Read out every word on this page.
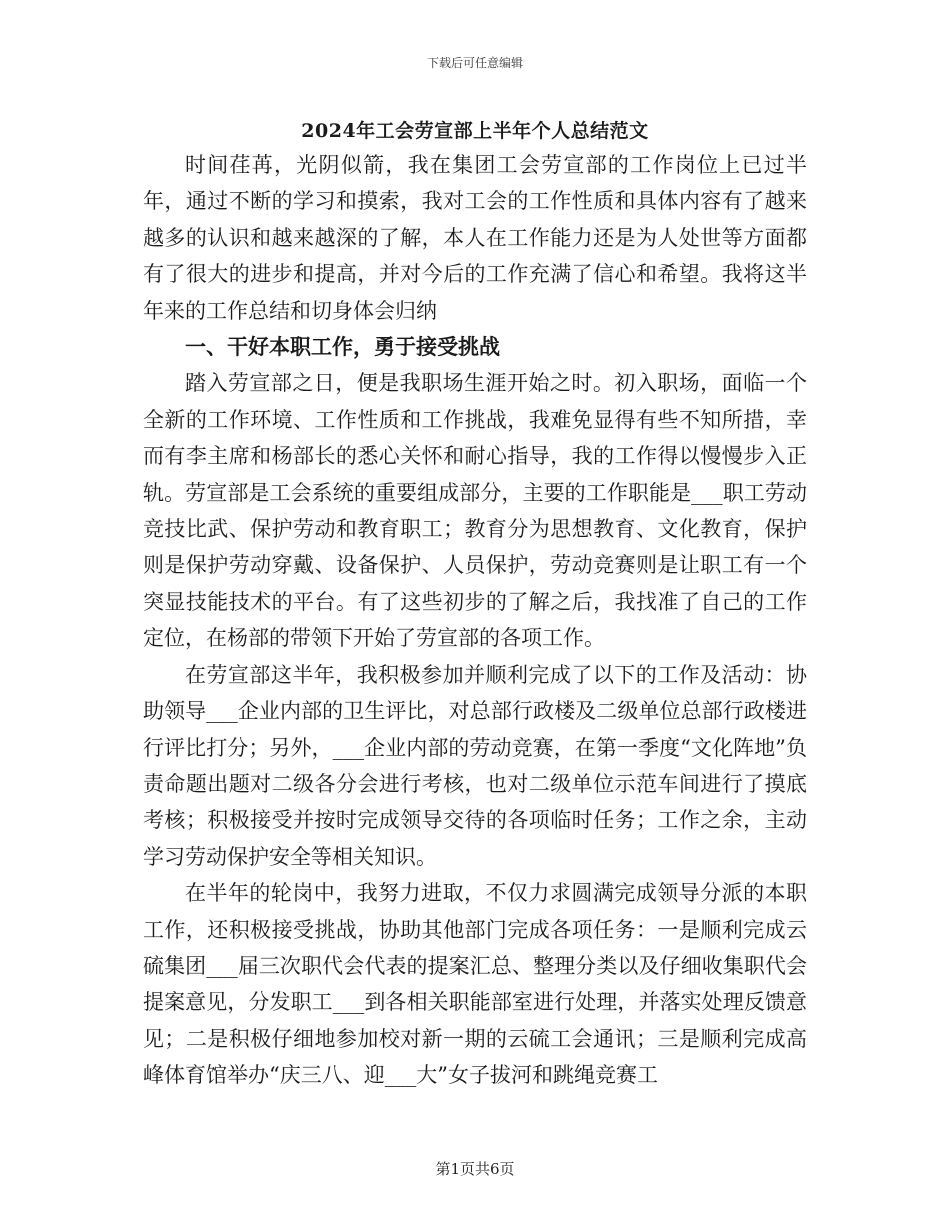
下载后可任意编辑
2024年工会劳宣部上半年个人总结范文

时间荏苒，光阴似箭，我在集团工会劳宣部的工作岗位上已过半年，通过不断的学习和摸索，我对工会的工作性质和具体内容有了越来越多的认识和越来越深的了解，本人在工作能力还是为人处世等方面都有了很大的进步和提高，并对今后的工作充满了信心和希望。我将这半年来的工作总结和切身体会归纳

一、干好本职工作，勇于接受挑战

踏入劳宣部之日，便是我职场生涯开始之时。初入职场，面临一个全新的工作环境、工作性质和工作挑战，我难免显得有些不知所措，幸而有李主席和杨部长的悉心关怀和耐心指导，我的工作得以慢慢步入正轨。劳宣部是工会系统的重要组成部分，主要的工作职能是___职工劳动竞技比武、保护劳动和教育职工；教育分为思想教育、文化教育，保护则是保护劳动穿戴、设备保护、人员保护，劳动竞赛则是让职工有一个突显技能技术的平台。有了这些初步的了解之后，我找准了自己的工作定位，在杨部的带领下开始了劳宣部的各项工作。

在劳宣部这半年，我积极参加并顺利完成了以下的工作及活动：协助领导___企业内部的卫生评比，对总部行政楼及二级单位总部行政楼进行评比打分；另外，___企业内部的劳动竞赛，在第一季度“文化阵地”负责命题出题对二级各分会进行考核，也对二级单位示范车间进行了摸底考核；积极接受并按时完成领导交待的各项临时任务；工作之余，主动学习劳动保护安全等相关知识。

在半年的轮岗中，我努力进取，不仅力求圆满完成领导分派的本职工作，还积极接受挑战，协助其他部门完成各项任务：一是顺利完成云硫集团___届三次职代会代表的提案汇总、整理分类以及仔细收集职代会提案意见，分发职工___到各相关职能部室进行处理，并落实处理反馈意见；二是积极仔细地参加校对新一期的云硫工会通讯；三是顺利完成高峰体育馆举办“庆三八、迎___大”女子拔河和跳绳竞赛工

第1页共6页
